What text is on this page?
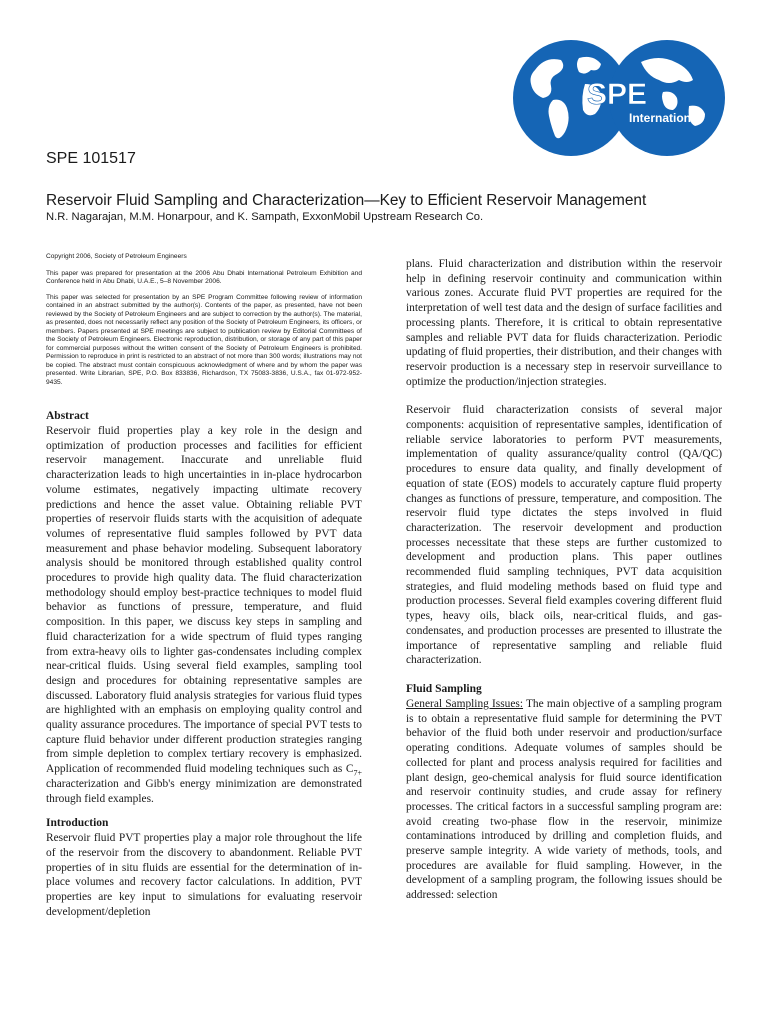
SPE
International
SPE 101517
Reservoir Fluid Sampling and Characterization—Key to Efficient Reservoir Management
N.R. Nagarajan, M.M. Honarpour, and K. Sampath, ExxonMobil Upstream Research Co.

Copyright 2006, Society of Petroleum Engineers

This paper was prepared for presentation at the 2006 Abu Dhabi International Petroleum Exhibition and Conference held in Abu Dhabi, U.A.E., 5–8 November 2006.

This paper was selected for presentation by an SPE Program Committee following review of information contained in an abstract submitted by the author(s). Contents of the paper, as presented, have not been reviewed by the Society of Petroleum Engineers and are subject to correction by the author(s). The material, as presented, does not necessarily reflect any position of the Society of Petroleum Engineers, its officers, or members. Papers presented at SPE meetings are subject to publication review by Editorial Committees of the Society of Petroleum Engineers. Electronic reproduction, distribution, or storage of any part of this paper for commercial purposes without the written consent of the Society of Petroleum Engineers is prohibited. Permission to reproduce in print is restricted to an abstract of not more than 300 words; illustrations may not be copied. The abstract must contain conspicuous acknowledgment of where and by whom the paper was presented. Write Librarian, SPE, P.O. Box 833836, Richardson, TX 75083-3836, U.S.A., fax 01-972-952-9435.

Abstract

Reservoir fluid properties play a key role in the design and optimization of production processes and facilities for efficient reservoir management. Inaccurate and unreliable fluid characterization leads to high uncertainties in in-place hydrocarbon volume estimates, negatively impacting ultimate recovery predictions and hence the asset value. Obtaining reliable PVT properties of reservoir fluids starts with the acquisition of adequate volumes of representative fluid samples followed by PVT data measurement and phase behavior modeling. Subsequent laboratory analysis should be monitored through established quality control procedures to provide high quality data. The fluid characterization methodology should employ best-practice techniques to model fluid behavior as functions of pressure, temperature, and fluid composition. In this paper, we discuss key steps in sampling and fluid characterization for a wide spectrum of fluid types ranging from extra-heavy oils to lighter gas-condensates including complex near-critical fluids. Using several field examples, sampling tool design and procedures for obtaining representative samples are discussed. Laboratory fluid analysis strategies for various fluid types are highlighted with an emphasis on employing quality control and quality assurance procedures. The importance of special PVT tests to capture fluid behavior under different production strategies ranging from simple depletion to complex tertiary recovery is emphasized. Application of recommended fluid modeling techniques such as $C_{7+}$ characterization and Gibb's energy minimization are demonstrated through field examples.

Introduction

Reservoir fluid PVT properties play a major role throughout the life of the reservoir from the discovery to abandonment. Reliable PVT properties of in situ fluids are essential for the determination of in-place volumes and recovery factor calculations. In addition, PVT properties are key input to simulations for evaluating reservoir development/depletion

plans. Fluid characterization and distribution within the reservoir help in defining reservoir continuity and communication within various zones. Accurate fluid PVT properties are required for the interpretation of well test data and the design of surface facilities and processing plants. Therefore, it is critical to obtain representative samples and reliable PVT data for fluids characterization. Periodic updating of fluid properties, their distribution, and their changes with reservoir production is a necessary step in reservoir surveillance to optimize the production/injection strategies.

Reservoir fluid characterization consists of several major components: acquisition of representative samples, identification of reliable service laboratories to perform PVT measurements, implementation of quality assurance/quality control (QA/QC) procedures to ensure data quality, and finally development of equation of state (EOS) models to accurately capture fluid property changes as functions of pressure, temperature, and composition. The reservoir fluid type dictates the steps involved in fluid characterization. The reservoir development and production processes necessitate that these steps are further customized to development and production plans. This paper outlines recommended fluid sampling techniques, PVT data acquisition strategies, and fluid modeling methods based on fluid type and production processes. Several field examples covering different fluid types, heavy oils, black oils, near-critical fluids, and gas-condensates, and production processes are presented to illustrate the importance of representative sampling and reliable fluid characterization.

Fluid Sampling

General Sampling Issues: The main objective of a sampling program is to obtain a representative fluid sample for determining the PVT behavior of the fluid both under reservoir and production/surface operating conditions. Adequate volumes of samples should be collected for plant and process analysis required for facilities and plant design, geo-chemical analysis for fluid source identification and reservoir continuity studies, and crude assay for refinery processes. The critical factors in a successful sampling program are: avoid creating two-phase flow in the reservoir, minimize contaminations introduced by drilling and completion fluids, and preserve sample integrity. A wide variety of methods, tools, and procedures are available for fluid sampling. However, in the development of a sampling program, the following issues should be addressed: selection
